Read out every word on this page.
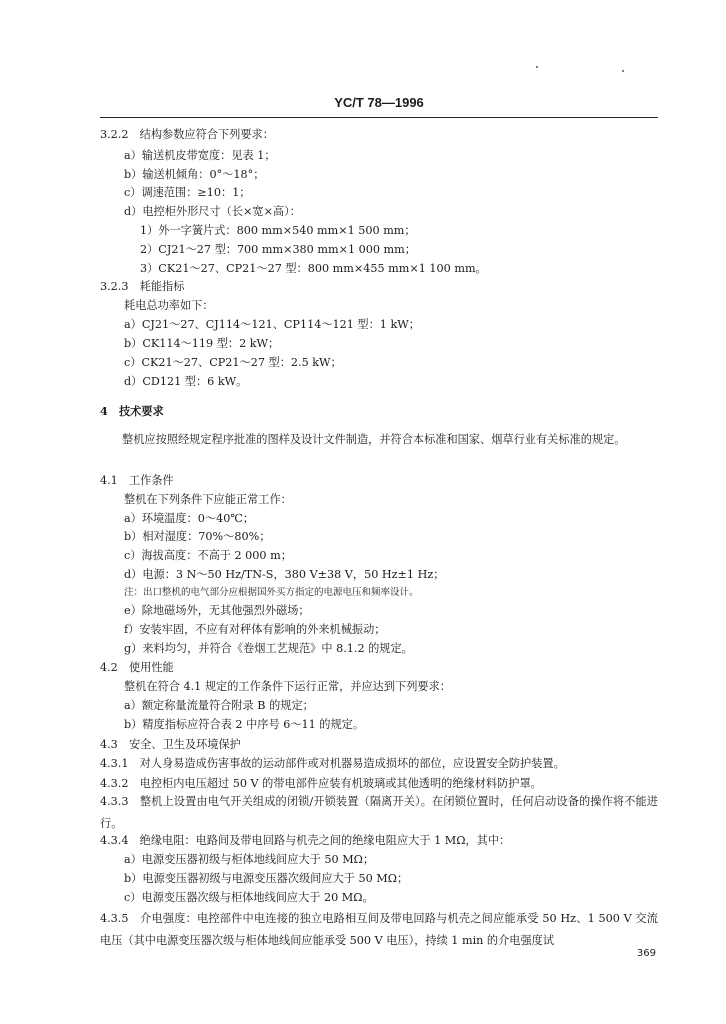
YC/T 78—1996
3.2.2　结构参数应符合下列要求：
a）输送机皮带宽度：见表 1；
b）输送机倾角：0°～18°；
c）调速范围：≥10：1；
d）电控柜外形尺寸（长×宽×高）：
1）外一字簧片式：800 mm×540 mm×1 500 mm；
2）CJ21～27 型：700 mm×380 mm×1 000 mm；
3）CK21～27、CP21～27 型：800 mm×455 mm×1 100 mm。
3.2.3　耗能指标
耗电总功率如下：
a）CJ21～27、CJ114～121、CP114～121 型：1 kW；
b）CK114～119 型：2 kW；
c）CK21～27、CP21～27 型：2.5 kW；
d）CD121 型：6 kW。
4　技术要求
整机应按照经规定程序批准的图样及设计文件制造，并符合本标准和国家、烟草行业有关标准的规定。
4.1　工作条件
整机在下列条件下应能正常工作：
a）环境温度：0～40℃；
b）相对湿度：70%～80%；
c）海拔高度：不高于 2 000 m；
d）电源：3 N～50 Hz/TN-S，380 V±38 V，50 Hz±1 Hz；
注：出口整机的电气部分应根据国外买方指定的电源电压和频率设计。
e）除地磁场外，无其他强烈外磁场；
f）安装牢固，不应有对秤体有影响的外来机械振动；
g）来料均匀，并符合《卷烟工艺规范》中 8.1.2 的规定。
4.2　使用性能
整机在符合 4.1 规定的工作条件下运行正常，并应达到下列要求：
a）额定称量流量符合附录 B 的规定；
b）精度指标应符合表 2 中序号 6～11 的规定。
4.3　安全、卫生及环境保护
4.3.1　对人身易造成伤害事故的运动部件或对机器易造成损坏的部位，应设置安全防护装置。
4.3.2　电控柜内电压超过 50 V 的带电部件应装有机玻璃或其他透明的绝缘材料防护罩。
4.3.3　整机上设置由电气开关组成的闭锁/开锁装置（隔离开关）。在闭锁位置时，任何启动设备的操作将不能进行。
4.3.4　绝缘电阻：电路间及带电回路与机壳之间的绝缘电阻应大于 1 MΩ，其中：
a）电源变压器初级与柜体地线间应大于 50 MΩ；
b）电源变压器初级与电源变压器次级间应大于 50 MΩ；
c）电源变压器次级与柜体地线间应大于 20 MΩ。
4.3.5　介电强度：电控部件中电连接的独立电路相互间及带电回路与机壳之间应能承受 50 Hz、1 500 V 交流电压（其中电源变压器次级与柜体地线间应能承受 500 V 电压），持续 1 min 的介电强度试
369
